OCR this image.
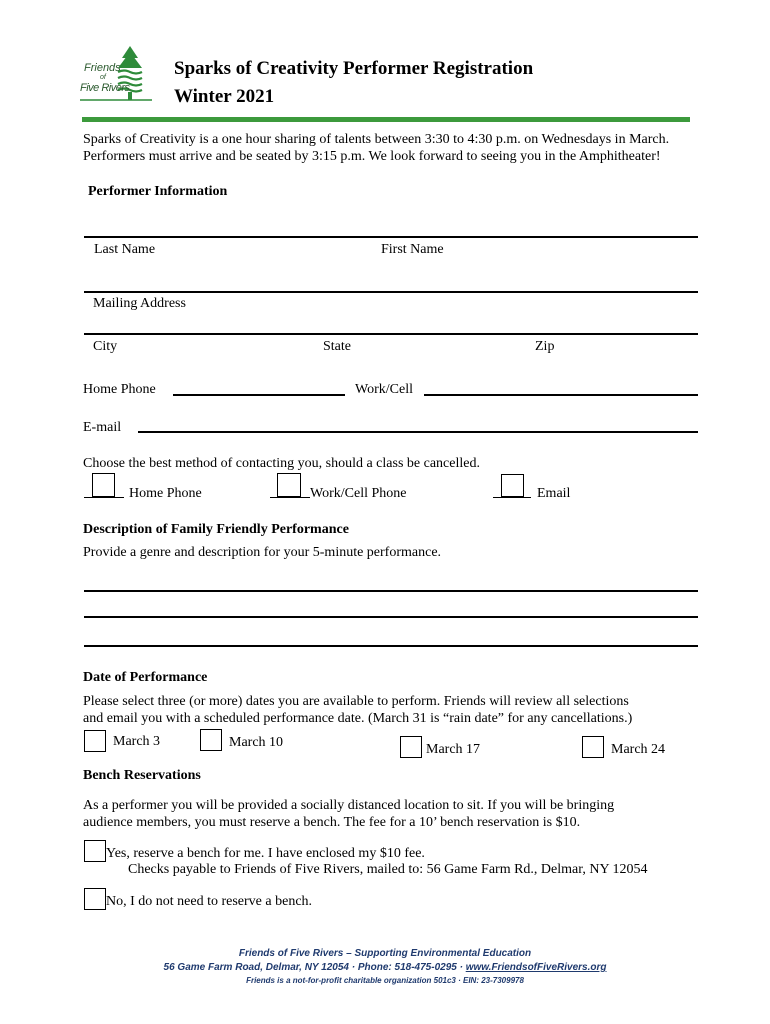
Friends
of
Five Rivers
Sparks of Creativity Performer Registration
Winter 2021
Sparks of Creativity is a one hour sharing of talents between 3:30 to 4:30 p.m. on Wednesdays in March.
Performers must arrive and be seated by 3:15 p.m. We look forward to seeing you in the Amphitheater!
Performer Information
Last Name	First Name
Mailing Address
City	State	Zip
Home Phone	Work/Cell
E-mail
Choose the best method of contacting you, should a class be cancelled.
Home Phone	Work/Cell Phone	Email
Description of Family Friendly Performance
Provide a genre and description for your 5-minute performance.
Date of Performance
Please select three (or more) dates you are available to perform. Friends will review all selections
and email you with a scheduled performance date. (March 31 is “rain date” for any cancellations.)
March 3	March 10	March 17	March 24
Bench Reservations
As a performer you will be provided a socially distanced location to sit. If you will be bringing
audience members, you must reserve a bench. The fee for a 10’ bench reservation is $10.
Yes, reserve a bench for me. I have enclosed my $10 fee.
Checks payable to Friends of Five Rivers, mailed to: 56 Game Farm Rd., Delmar, NY 12054
No, I do not need to reserve a bench.
Friends of Five Rivers – Supporting Environmental Education
56 Game Farm Road, Delmar, NY 12054 · Phone: 518-475-0295 · www.FriendsofFiveRivers.org
Friends is a not-for-profit charitable organization 501c3 · EIN: 23-7309978
